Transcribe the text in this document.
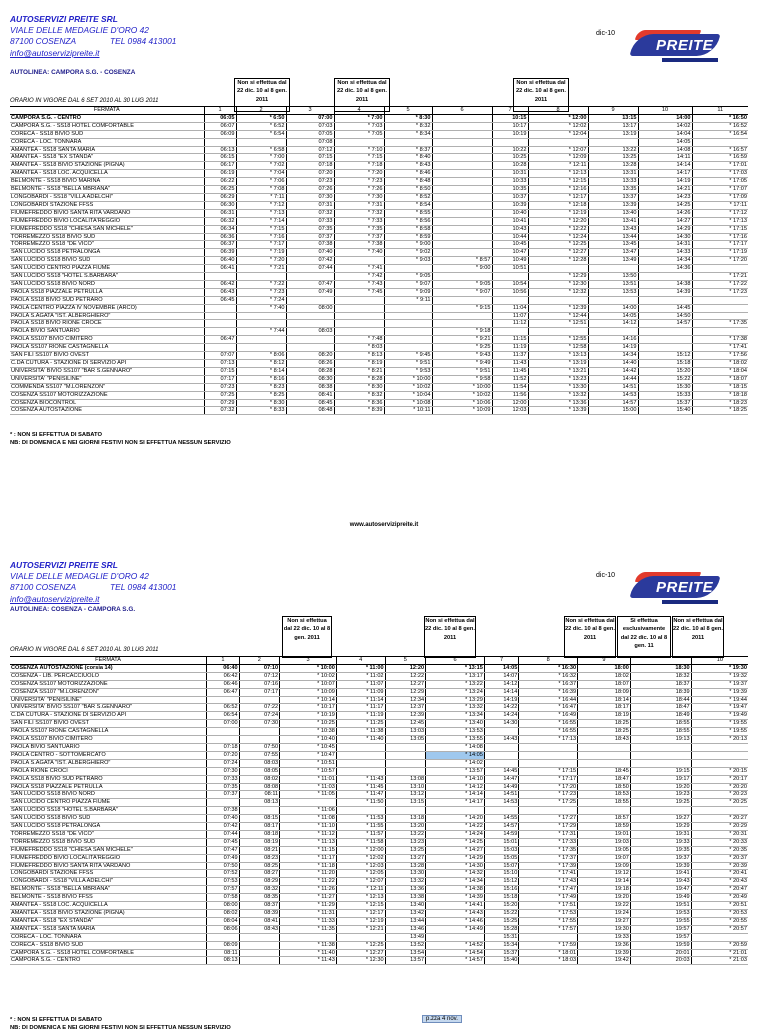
AUTOSERVIZI PREITE SRL
VIALE DELLE MEDAGLIE D'ORO 42
87100 COSENZA	TEL 0984 413001
info@autoservizipreite.it
dic-10
PREITE
AUTOLINEA: CAMPORA S.G. - COSENZA
Non si effettua dal 22 dic. 10 al 8 gen. 2011
Non si effettua dal 22 dic. 10 al 8 gen. 2011
Non si effettua dal 22 dic. 10 al 8 gen. 2011
ORARIO IN VIGORE DAL 6 SET 2010 AL 30 LUG 2011
FERMATA	1	2	3	4	5	6	7	8	9	10	11
CAMPORA S.G. - CENTRO	06:05	* 6:50	07:00	* 7:00	* 8:30		10:15	* 12:00	13:15	14:00	* 16:50
CAMPORA S.G. - SS18 HOTEL COMFORTABLE	06:07	* 6:52	07:03	* 7:03	* 8:32		10:17	* 12:02	13:17	14:02	* 16:52
CORECA - SS18 BIVIO SUD	06:09	* 6:54	07:05	* 7:05	* 8:34		10:19	* 12:04	13:19	14:04	* 16:54
CORECA - LOC. TONNARA			07:08							14:05	
AMANTEA - SS18 SANTA MARIA	06:13	* 6:58	07:12	* 7:10	* 8:37		10:22	* 12:07	13:22	14:08	* 16:57
AMANTEA - SS18 "EX STANDA"	06:15	* 7:00	07:15	* 7:15	* 8:40		10:25	* 12:09	13:25	14:11	* 16:59
AMANTEA - SS18 BIVIO STAZIONE (PIGNA)	06:17	* 7:02	07:18	* 7:18	* 8:43		10:28	* 12:11	13:28	14:14	* 17:01
AMANTEA - SS18 LOC. ACQUICELLA	06:19	* 7:04	07:20	* 7:20	* 8:46		10:31	* 12:13	13:31	14:17	* 17:03
BELMONTE - SS18 BIVIO MARINA	06:22	* 7:06	07:23	* 7:23	* 8:48		10:33	* 12:15	13:33	14:19	* 17:05
BELMONTE - SS18 "BELLA MBRIANA"	06:25	* 7:08	07:26	* 7:26	* 8:50		10:35	* 12:16	13:35	14:21	* 17:07
LONGOBARDI - SS18 "VILLA ADELCHI"	06:29	* 7:11	07:30	* 7:30	* 8:52		10:37	* 12:17	13:37	14:23	* 17:09
LONGOBARDI STAZIONE FFSS	06:30	* 7:12	07:31	* 7:31	* 8:54		10:39	* 12:18	13:39	14:25	* 17:11
FIUMEFREDDO BIVIO SANTA RITA VARDANO	06:31	* 7:13	07:32	* 7:32	* 8:55		10:40	* 12:19	13:40	14:26	* 17:12
FIUMEFREDDO BIVIO LOCALITA'REGGIO	06:32	* 7:14	07:33	* 7:33	* 8:56		10:41	* 12:20	13:41	14:27	* 17:13
FIUMEFREDDO SS18 "CHIESA SAN MICHELE"	06:34	* 7:15	07:35	* 7:35	* 8:58		10:43	* 12:22	13:43	14:29	* 17:15
TORREMEZZO SS18 BIVIO SUD	06:36	* 7:16	07:37	* 7:37	* 8:59		10:44	* 12:24	13:44	14:30	* 17:16
TORREMEZZO SS18 "DE VICO"	06:37	* 7:17	07:38	* 7:38	* 9:00		10:45	* 12:25	13:45	14:31	* 17:17
SAN LUCIDO SS18 PETRALONGA	06:39	* 7:19	07:40	* 7:40	* 9:02		10:47	* 12:27	13:47	14:33	* 17:19
SAN LUCIDO SS18 BIVIO SUD	06:40	* 7:20	07:42		* 9:03	* 8:57	10:49	* 12:28	13:49	14:34	* 17:20
SAN LUCIDO CENTRO PIAZZA FIUME	06:41	* 7:21	07:44	* 7:41		* 9:00	10:51			14:36	
SAN LUCIDO SS18 "HOTEL S.BARBARA"				* 7:42	* 9:05			* 12:29	13:50		* 17:21
SAN LUCIDO SS18 BIVIO NORD	06:42	* 7:22	07:47	* 7:43	* 9:07	* 9:05	10:54	* 12:30	13:51	14:38	* 17:22
PAOLA SS18 PIAZZALE PETRULLA	06:43	* 7:23	07:49	* 7:45	* 9:09	* 9:07	10:56	* 12:32	13:53	14:39	* 17:23
PAOLA SS18 BIVIO SUD PETRARO	06:45	* 7:24			* 9:11						
PAOLA CENTRO PIAZZA IV NOVEMBRE (ARCO)		* 7:40	08:00			* 9:15	11:04	* 12:39	14:00	14:45	
PAOLA S.AGATA "IST. ALBERGHIERO"							11:07	* 12:44	14:05	14:50	
PAOLA SS18 BIVIO RIONE CROCE							11:12	* 12:51	14:12	14:57	* 17:35
PAOLA BIVIO SANTUARIO		* 7:44	08:03			* 9:18					
PAOLA SS107 BIVIO CIMITERO	06:47			* 7:48		* 9:21	11:15	* 12:55	14:16		* 17:38
PAOLA SS107 RIONE CASTAGNELLA				* 8:03		* 9:25	11:19	* 12:58	14:19		* 17:41
SAN FILI SS107 BIVIO OVEST	07:07	* 8:06	08:20	* 8:13	* 9:45	* 9:43	11:37	* 13:13	14:34	15:12	* 17:56
C.DA CUTURA - STAZIONE DI SERVIZIO API	07:13	* 8:12	08:26	* 8:19	* 9:51	* 9:49	11:43	* 13:19	14:40	15:18	* 18:02
UNIVERSITA' BIVIO SS107 "BAR S.GENNARO"	07:15	* 8:14	08:28	* 8:21	* 9:53	* 9:51	11:45	* 13:21	14:42	15:20	* 18:04
UNIVERSITA' "PENISILINE"	07:17	* 8:16	08:30	* 8:28	* 10:00	* 9:58	11:52	* 13:23	14:44	15:22	* 18:07
COMMENDA SS107 "M.LORENZON"	07:23	* 8:23	08:38	* 8:30	* 10:02	* 10:00	11:54	* 13:30	14:51	15:30	* 18:15
COSENZA SS107 MOTORIZZAZIONE	07:25	* 8:25	08:41	* 8:32	* 10:04	* 10:02	11:56	* 13:32	14:53	15:33	* 18:18
COSENZA BIOCONTROL	07:29	* 8:30	08:45	* 8:36	* 10:08	* 10:06	12:00	* 13:36	14:57	15:37	* 18:23
COSENZA AUTOSTAZIONE	07:32	* 8:33	08:48	* 8:39	* 10:11	* 10:09	12:03	* 13:39	15:00	15:40	* 18:25
* : NON SI EFFETTUA DI SABATO
NB: DI DOMENICA E NEI GIORNI FESTIVI NON SI EFFETTUA NESSUN SERVIZIO
www.autoservizipreite.it
AUTOSERVIZI PREITE SRL
VIALE DELLE MEDAGLIE D'ORO 42
87100 COSENZA	TEL 0984 413001
info@autoservizipreite.it
dic-10
PREITE
AUTOLINEA: COSENZA - CAMPORA S.G.
Non si effettua dal 22 dic. 10 al 8 gen. 2011
Non si effettua dal 22 dic. 10 al 8 gen. 2011
Non si effettua dal 22 dic. 10 al 8 gen. 2011
Si effettua esclusivamente dal 22 dic. 10 al 8 gen. 11
Non si effettua dal 22 dic. 10 al 8 gen. 2011
ORARIO IN VIGORE DAL 6 SET 2010 AL 30 LUG 2011
FERMATA	1	2	3	4	5	6	7	8	9		10
COSENZA AUTOSTAZIONE (corsia 14)	06:40	07:10	* 10:00	* 11:00	12:20	* 13:15	14:05	* 16:30	18:00	18:30	* 19:30
COSENZA - LIB. PERCACCIUOLO	06:42	07:12	* 10:02	* 11:02	12:22	* 13:17	14:07	* 16:32	18:02	18:32	* 19:32
COSENZA SS107 MOTORIZZAZIONE	06:46	07:16	* 10:07	* 11:07	12:27	* 13:22	14:12	* 16:37	18:07	18:37	* 19:37
COSENZA SS107 "M.LORENZON"	06:47	07:17	* 10:09	* 11:09	12:29	* 13:24	14:14	* 16:39	18:09	18:39	* 19:39
UNIVERSITA' "PENISILINE"			* 10:14	* 11:14	12:34	* 13:29	14:19	* 16:44	18:14	18:44	* 19:44
UNIVERSITA' BIVIO SS107 "BAR S.GENNARO"	06:52	07:22	* 10:17	* 11:17	12:37	* 13:32	14:22	* 16:47	18:17	18:47	* 19:47
C.DA CUTURA - STAZIONE DI SERVIZIO API	06:54	07:24	* 10:19	* 11:19	12:39	* 13:34	14:24	* 16:49	18:19	18:49	* 19:49
SAN FILI SS107 BIVIO OVEST	07:00	07:30	* 10:25	* 11:25	12:45	* 13:40	14:30	* 16:55	18:25	18:55	* 19:55
PAOLA SS107 RIONE CASTAGNELLA			* 10:38	* 11:38	13:03	* 13:53		* 16:55	18:25	18:55	* 19:55
PAOLA SS107 BIVIO CIMITERO			* 10:40	* 11:40	13:05	* 13:55	14:43	* 17:13	18:43	19:13	* 20:13
PAOLA BIVIO SANTUARIO	07:18	07:50	* 10:45			* 14:08					
PAOLA CENTRO - SOTTOMERCATO	07:20	07:55	* 10:47			* 14:05					
PAOLA S.AGATA "IST. ALBERGHIERO"	07:24	08:03	* 10:51			* 14:02					
PAOLA RIONE CROCI	07:30	08:05	* 10:57			* 13:57	14:45	* 17:15	18:45	19:15	* 20:15
PAOLA SS18 BIVIO SUD PETRARO	07:33	08:02	* 11:01	* 11:43	13:08	* 14:10	14:47	* 17:17	18:47	19:17	* 20:17
PAOLA SS18 PIAZZALE PETRULLA	07:35	08:08	* 11:03	* 11:45	13:10	* 14:12	14:49	* 17:20	18:50	19:20	* 20:20
SAN LUCIDO SS18 BIVIO NORD	07:37	08:11	* 11:05	* 11:47	13:12	* 14:14	14:51	* 17:23	18:53	19:23	* 20:23
SAN LUCIDO CENTRO PIAZZA FIUME		08:13		* 11:50	13:15	* 14:17	14:53	* 17:25	18:55	19:25	* 20:25
SAN LUCIDO SS18 "HOTEL S.BARBARA"	07:38		* 11:06								
SAN LUCIDO SS18 BIVIO SUD	07:40	08:15	* 11:08	* 11:53	13:18	* 14:20	14:55	* 17:27	18:57	19:27	* 20:27
SAN LUCIDO SS18 PETRALONGA	07:42	08:17	* 11:10	* 11:55	13:20	* 14:22	14:57	* 17:29	18:59	19:29	* 20:29
TORREMEZZO SS18 "DE VICO"	07:44	08:18	* 11:12	* 11:57	13:22	* 14:24	14:59	* 17:31	19:01	19:31	* 20:31
TORREMEZZO SS18 BIVIO SUD	07:45	08:19	* 11:13	* 11:58	13:23	* 14:25	15:01	* 17:33	19:03	19:33	* 20:33
FIUMEFREDDO SS18 "CHIESA SAN MICHELE"	07:47	08:21	* 11:15	* 12:00	13:25	* 14:27	15:03	* 17:35	19:05	19:35	* 20:35
FIUMEFREDDO BIVIO LOCALITA'REGGIO	07:49	08:23	* 11:17	* 12:02	13:27	* 14:29	15:05	* 17:37	19:07	19:37	* 20:37
FIUMEFREDDO BIVIO SANTA RITA VARDANO	07:50	08:25	* 11:18	* 12:03	13:28	* 14:30	15:07	* 17:39	19:09	19:39	* 20:39
LONGOBARDI STAZIONE FFSS	07:52	08:27	* 11:20	* 12:05	13:30	* 14:32	15:10	* 17:41	19:12	19:41	* 20:41
LONGOBARDI - SS18 "VILLA ADELCHI"	07:53	08:29	* 11:22	* 12:07	13:32	* 14:34	15:12	* 17:43	19:14	19:43	* 20:43
BELMONTE - SS18 "BELLA MBRIANA"	07:57	08:32	* 11:26	* 12:11	13:36	* 14:38	15:16	* 17:47	19:18	19:47	* 20:47
BELMONTE - SS18 BIVIO FFSS	07:58	08:35	* 11:27	* 12:13	13:38	* 14:39	15:18	* 17:49	19:20	19:49	* 20:49
AMANTEA - SS18 LOC. ACQUICELLA	08:00	08:37	* 11:29	* 12:15	13:40	* 14:41	15:20	* 17:51	19:22	19:51	* 20:51
AMANTEA - SS18 BIVIO STAZIONE (PIGNA)	08:02	08:39	* 11:31	* 12:17	13:42	* 14:43	15:22	* 17:53	19:24	19:53	* 20:53
AMANTEA - SS18 "EX STANDA"	08:04	08:41	* 11:33	* 12:19	13:44	* 14:46	15:25	* 17:55	19:27	19:55	* 20:55
AMANTEA - SS18 SANTA MARIA	08:06	08:43	* 11:35	* 12:21	13:46	* 14:49	15:28	* 17:57	19:30	19:57	* 20:57
CORECA - LOC. TONNARA					13:49		15:31		19:33	19:57	
CORECA - SS18 BIVIO SUD	08:09		* 11:38	* 12:25	13:52	* 14:52	15:34	* 17:59	19:36	19:59	* 20:59
CAMPORA S.G. - SS18 HOTEL COMFORTABLE	08:11		* 11:40	* 12:27	13:54	* 14:54	15:37	* 18:01	19:39	20:01	* 21:01
CAMPORA S.G. - CENTRO	08:13		* 11:43	* 12:30	13:57	* 14:57	15:40	* 18:03	19:42	20:03	* 21:03
* : NON SI EFFETTUA DI SABATO
NB: DI DOMENICA E NEI GIORNI FESTIVI NON SI EFFETTUA NESSUN SERVIZIO
p.zza 4 nov.
